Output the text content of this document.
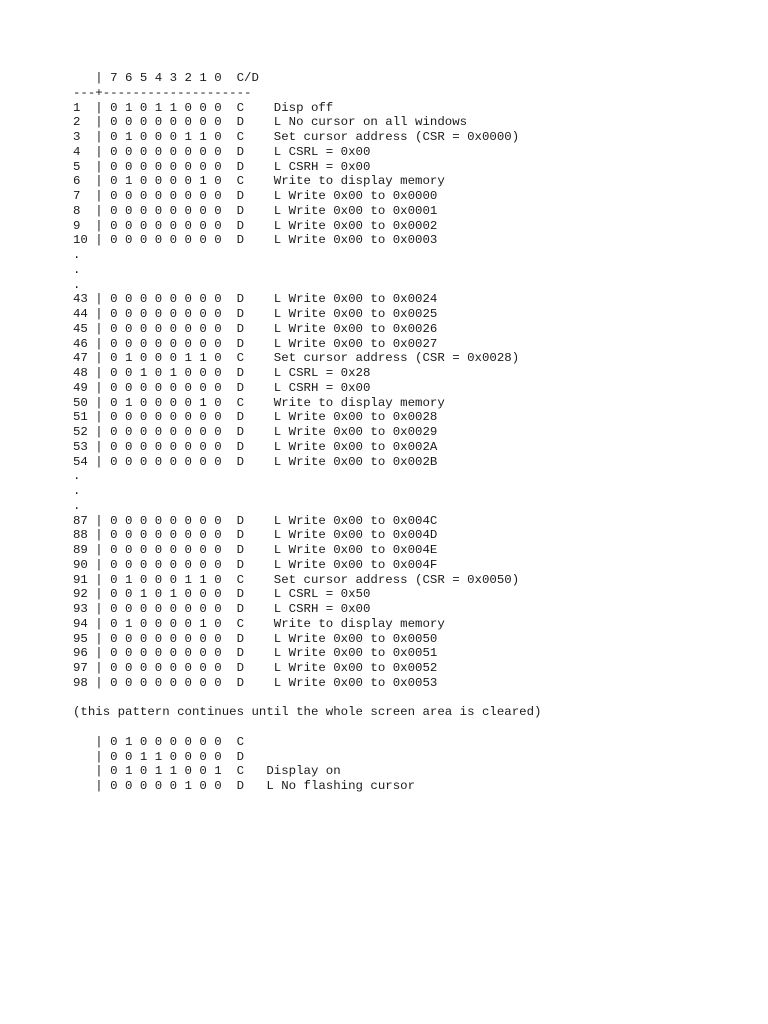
| 7 6 5 4 3 2 1 0  C/D
---+--------------------
1  | 0 1 0 1 1 0 0 0  C    Disp off
2  | 0 0 0 0 0 0 0 0  D    L No cursor on all windows
3  | 0 1 0 0 0 1 1 0  C    Set cursor address (CSR = 0x0000)
4  | 0 0 0 0 0 0 0 0  D    L CSRL = 0x00
5  | 0 0 0 0 0 0 0 0  D    L CSRH = 0x00
6  | 0 1 0 0 0 0 1 0  C    Write to display memory
7  | 0 0 0 0 0 0 0 0  D    L Write 0x00 to 0x0000
8  | 0 0 0 0 0 0 0 0  D    L Write 0x00 to 0x0001
9  | 0 0 0 0 0 0 0 0  D    L Write 0x00 to 0x0002
10 | 0 0 0 0 0 0 0 0  D    L Write 0x00 to 0x0003
.
.
.
43 | 0 0 0 0 0 0 0 0  D    L Write 0x00 to 0x0024
44 | 0 0 0 0 0 0 0 0  D    L Write 0x00 to 0x0025
45 | 0 0 0 0 0 0 0 0  D    L Write 0x00 to 0x0026
46 | 0 0 0 0 0 0 0 0  D    L Write 0x00 to 0x0027
47 | 0 1 0 0 0 1 1 0  C    Set cursor address (CSR = 0x0028)
48 | 0 0 1 0 1 0 0 0  D    L CSRL = 0x28
49 | 0 0 0 0 0 0 0 0  D    L CSRH = 0x00
50 | 0 1 0 0 0 0 1 0  C    Write to display memory
51 | 0 0 0 0 0 0 0 0  D    L Write 0x00 to 0x0028
52 | 0 0 0 0 0 0 0 0  D    L Write 0x00 to 0x0029
53 | 0 0 0 0 0 0 0 0  D    L Write 0x00 to 0x002A
54 | 0 0 0 0 0 0 0 0  D    L Write 0x00 to 0x002B
.
.
.
87 | 0 0 0 0 0 0 0 0  D    L Write 0x00 to 0x004C
88 | 0 0 0 0 0 0 0 0  D    L Write 0x00 to 0x004D
89 | 0 0 0 0 0 0 0 0  D    L Write 0x00 to 0x004E
90 | 0 0 0 0 0 0 0 0  D    L Write 0x00 to 0x004F
91 | 0 1 0 0 0 1 1 0  C    Set cursor address (CSR = 0x0050)
92 | 0 0 1 0 1 0 0 0  D    L CSRL = 0x50
93 | 0 0 0 0 0 0 0 0  D    L CSRH = 0x00
94 | 0 1 0 0 0 0 1 0  C    Write to display memory
95 | 0 0 0 0 0 0 0 0  D    L Write 0x00 to 0x0050
96 | 0 0 0 0 0 0 0 0  D    L Write 0x00 to 0x0051
97 | 0 0 0 0 0 0 0 0  D    L Write 0x00 to 0x0052
98 | 0 0 0 0 0 0 0 0  D    L Write 0x00 to 0x0053
(this pattern continues until the whole screen area is cleared)
| 0 1 0 0 0 0 0 0  C
| 0 0 1 1 0 0 0 0  D
| 0 1 0 1 1 0 0 1  C   Display on
| 0 0 0 0 0 1 0 0  D   L No flashing cursor
